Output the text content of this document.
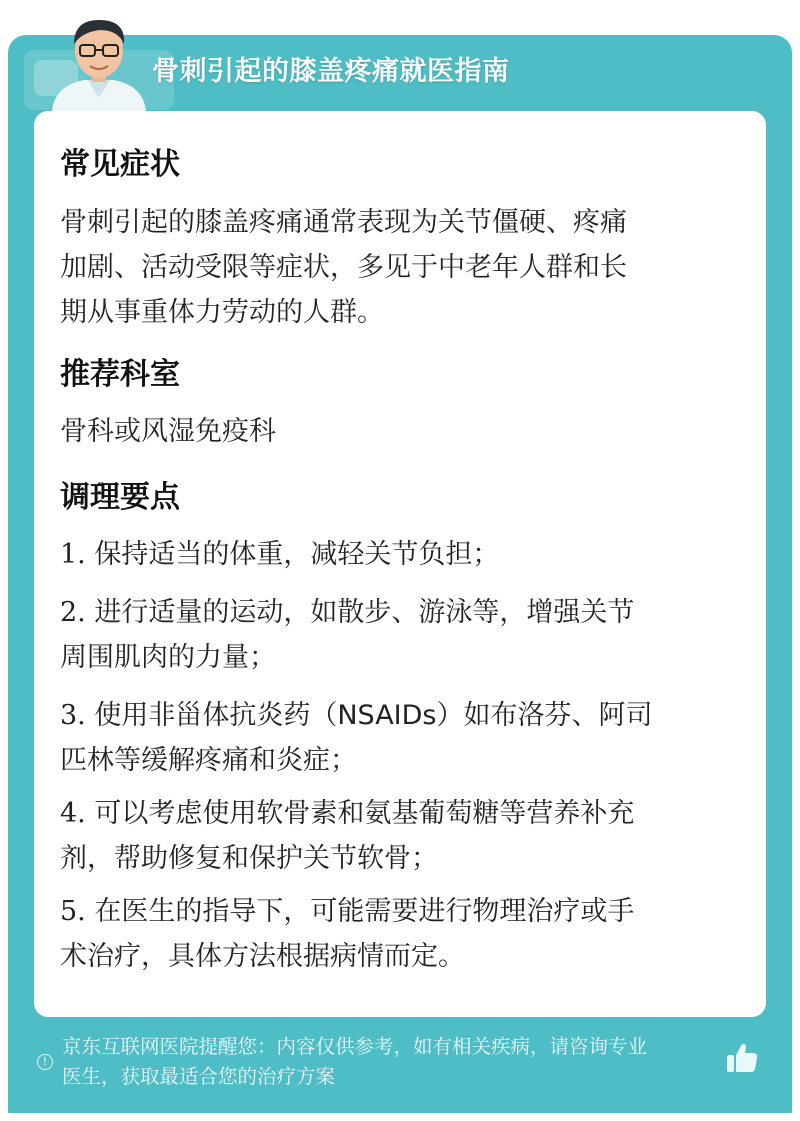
骨刺引起的膝盖疼痛就医指南
常见症状
骨刺引起的膝盖疼痛通常表现为关节僵硬、疼痛
加剧、活动受限等症状，多见于中老年人群和长
期从事重体力劳动的人群。
推荐科室
骨科或风湿免疫科
调理要点
1. 保持适当的体重，减轻关节负担；
2. 进行适量的运动，如散步、游泳等，增强关节
周围肌肉的力量；
3. 使用非甾体抗炎药（NSAIDs）如布洛芬、阿司
匹林等缓解疼痛和炎症；
4. 可以考虑使用软骨素和氨基葡萄糖等营养补充
剂，帮助修复和保护关节软骨；
5. 在医生的指导下，可能需要进行物理治疗或手
术治疗，具体方法根据病情而定。
!
京东互联网医院提醒您：内容仅供参考，如有相关疾病，请咨询专业
医生，获取最适合您的治疗方案
